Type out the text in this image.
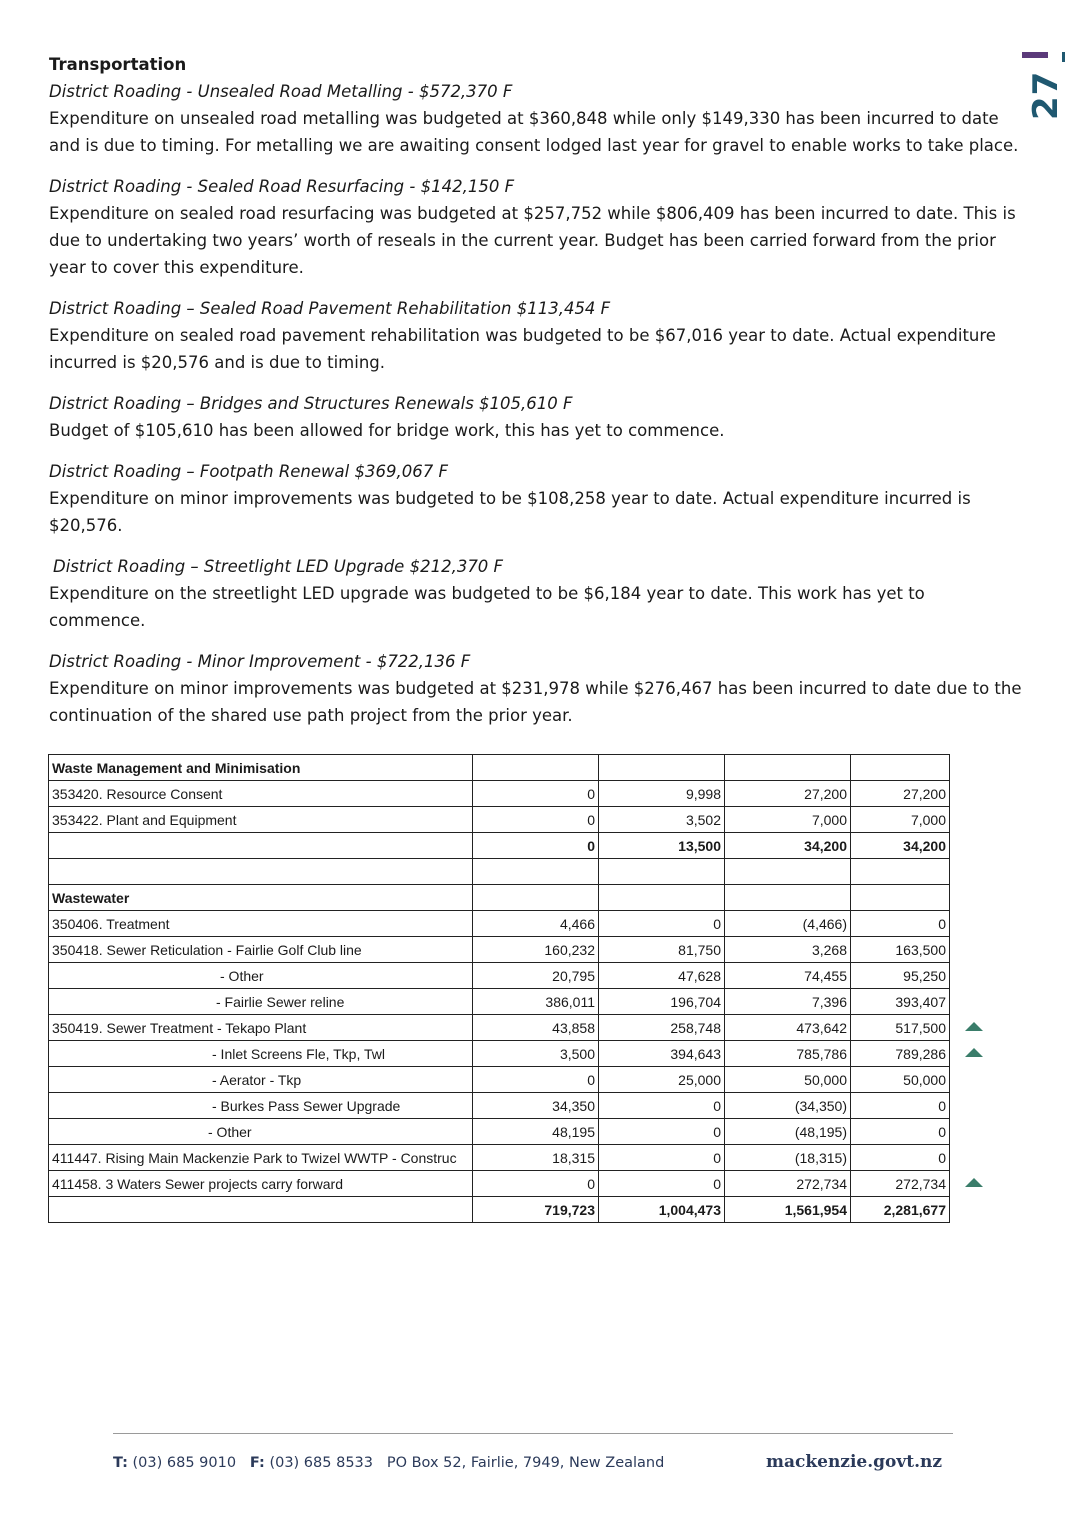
27
Transportation
District Roading - Unsealed Road Metalling - $572,370 F
Expenditure on unsealed road metalling was budgeted at $360,848 while only $149,330 has been incurred to date and is due to timing. For metalling we are awaiting consent lodged last year for gravel to enable works to take place.
District Roading - Sealed Road Resurfacing - $142,150 F
Expenditure on sealed road resurfacing was budgeted at $257,752 while $806,409 has been incurred to date. This is due to undertaking two years’ worth of reseals in the current year. Budget has been carried forward from the prior year to cover this expenditure.
District Roading – Sealed Road Pavement Rehabilitation $113,454 F
Expenditure on sealed road pavement rehabilitation was budgeted to be $67,016 year to date. Actual expenditure incurred is $20,576 and is due to timing.
District Roading – Bridges and Structures Renewals $105,610 F
Budget of $105,610 has been allowed for bridge work, this has yet to commence.
District Roading – Footpath Renewal $369,067 F
Expenditure on minor improvements was budgeted to be $108,258 year to date. Actual expenditure incurred is $20,576.
District Roading – Streetlight LED Upgrade $212,370 F
Expenditure on the streetlight LED upgrade was budgeted to be $6,184 year to date. This work has yet to commence.
District Roading - Minor Improvement - $722,136 F
Expenditure on minor improvements was budgeted at $231,978 while $276,467 has been incurred to date due to the continuation of the shared use path project from the prior year.
Waste Management and Minimisation				
353420. Resource Consent	0	9,998	27,200	27,200
353422. Plant and Equipment	0	3,502	7,000	7,000
	0	13,500	34,200	34,200

Wastewater				
350406. Treatment	4,466	0	(4,466)	0
350418. Sewer Reticulation - Fairlie Golf Club line	160,232	81,750	3,268	163,500
- Other	20,795	47,628	74,455	95,250
- Fairlie Sewer reline	386,011	196,704	7,396	393,407
350419. Sewer Treatment - Tekapo Plant	43,858	258,748	473,642	517,500
- Inlet Screens Fle, Tkp, Twl	3,500	394,643	785,786	789,286
- Aerator - Tkp	0	25,000	50,000	50,000
- Burkes Pass Sewer Upgrade	34,350	0	(34,350)	0
- Other	48,195	0	(48,195)	0
411447. Rising Main Mackenzie Park to Twizel WWTP - Construc	18,315	0	(18,315)	0
411458. 3 Waters Sewer projects carry forward	0	0	272,734	272,734
	719,723	1,004,473	1,561,954	2,281,677
T: (03) 685 9010 F: (03) 685 8533 PO Box 52, Fairlie, 7949, New Zealand	mackenzie.govt.nz
